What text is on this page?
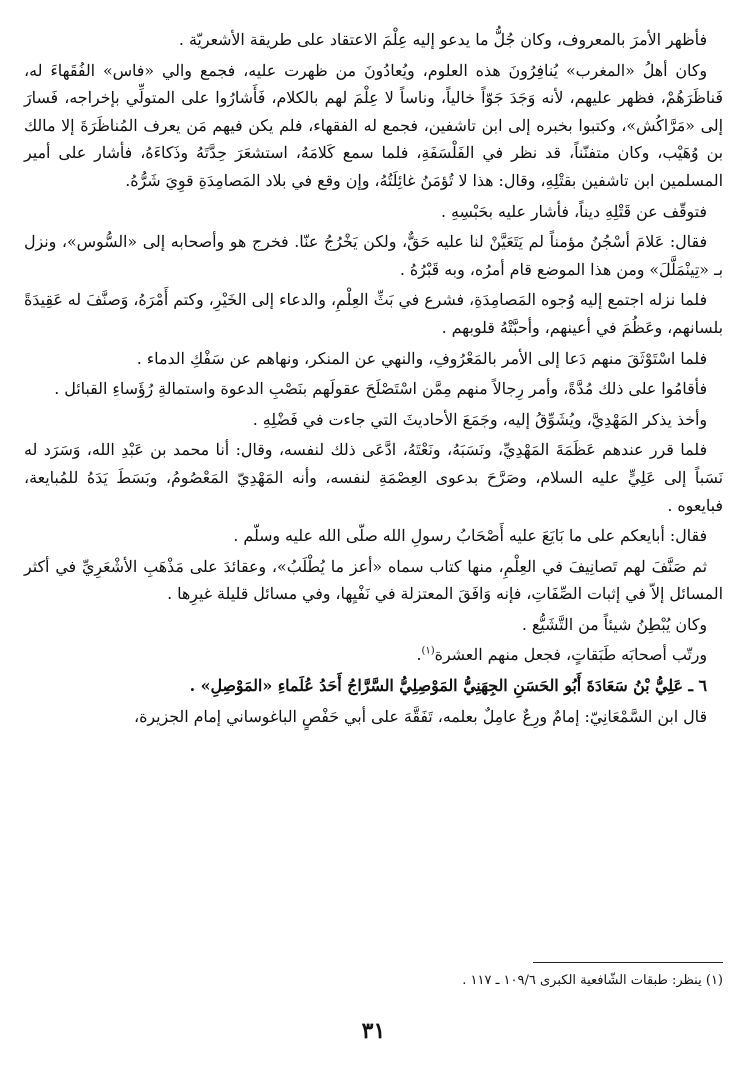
فأظهر الأمرَ بالمعروف، وكان جُلُّ ما يدعو إليه عِلْمَ الاعتقاد على طريقة الأشعريّة .

وكان أهلُ «المغرب» يُنافِرُونَ هذه العلوم، ويُعادُونَ من ظهرت عليه، فجمع والي «فاس» الفُقَهاءَ له، فَناظَرَهُمْ، فظهر عليهم، لأنه وَجَدَ جَوّاً خالياً، وناساً لا عِلْمَ لهم بالكلام، فَأَشارُوا على المتولِّي بإخراجه، فَسارَ إلى «مَرَّاكُش»، وكتبوا بخبره إلى ابن تاشفين، فجمع له الفقهاء، فلم يكن فيهم مَن يعرف المُناظَرَةَ إلا مالك بن وُهَيْب، وكان متفنّناً، قد نظر في الفَلْسَفَةِ، فلما سمع كَلامَهُ، استشعَرَ حِدَّتَهُ وذَكاءَهُ، فأشار على أمير المسلمين ابن تاشفين بقتْلِهِ، وقال: هذا لا تُؤمَنُ غائِلَتُهُ، وإن وقع في بلاد المَصامِدَةِ قوِيَ شَرُّهُ.

فتوقّف عن قَتْلِهِ ديناً، فأشار عليه بحَبْسِهِ .

فقال: عَلامَ أسْجُنُ مؤمناً لم يَتَعَيَّنْ لنا عليه حَقٌّ، ولكن يَخْرُجُ عنّا. فخرج هو وأصحابه إلى «السُّوس»، ونزل بـ «تِينْمَلَّلَ» ومن هذا الموضع قام أمرُه، وبه قَبْرُهُ .

فلما نزله اجتمع إليه وُجوه المَصامِدَةِ، فشرع في بَثِّ العِلْمِ، والدعاء إلى الخَيْرِ، وكتم أَمْرَهُ، وَصنَّفَ له عَقِيدَةً بلسانهم، وعَظُمَ في أعينهم، وأحبَّتْهُ قلوبهم .

فلما اسْتَوْثَقَ منهم دَعا إلى الأمر بالمَعْرُوفِ، والنهي عن المنكر، ونهاهم عن سَفْكِ الدماء .

فأقامُوا على ذلك مُدَّةً، وأمر رِجالاً منهم مِمَّن اسْتَصْلَحَ عقولَهم بنَصْبِ الدعوة واستمالةِ رُؤَساءِ القبائل .

وأخذ يذكر المَهْدِيَّ، ويُشَوِّقُ إليه، وجَمَعَ الأحاديثَ التي جاءت في فَضْلِهِ .

فلما قرر عندهم عَظَمَةَ المَهْدِيِّ، ونَسَبَهُ، ونَعْتَهُ، ادَّعَى ذلك لنفسه، وقال: أنا محمد بن عَبْدِ الله، وَسَرَد له نَسَباً إلى عَلِيٍّ عليه السلام، وصَرَّحَ بدعوى العِصْمَةِ لنفسه، وأنه المَهْدِيّ المَعْصُومُ، وبَسَطَ يَدَهُ للمُبايعة، فبايعوه .

فقال: أبايعكم على ما بَايَعَ عليه أَصْحَابُ رسولِ الله صلّى الله عليه وسلّم .

ثم صَنَّفَ لهم تَصانِيفَ في العِلْمِ، منها كتاب سماه «أعز ما يُطْلَبُ»، وعقائدَ على مَذْهَبِ الأشْعَرِيِّ في أكثر المسائل إلاّ في إثبات الصِّفَاتِ، فإنه وَافَقَ المعتزلة في نَفْيِها، وفي مسائل قليلة غيرِها .

وكان يُبْطِنُ شيئاً من التَّشَيُّع .

ورتّب أصحابَه طَبَقاتٍ، فجعل منهم العشرة$^{(١)}$.

٦ ـ عَلِيُّ بْنُ سَعَادَةَ أَبُو الحَسَنِ الجِهَنِيُّ المَوْصِلِيُّ السَّرَّاجُ أَحَدُ عُلَماءِ «المَوْصِلِ» .

قال ابن السَّمْعَانِيّ: إمامٌ ورِعٌ عامِلٌ بعلمه، تَفَقَّهَ على أبي حَفْصٍ الباغوساني إمام الجزيرة،

(١) ينظر: طبقات الشّافعية الكبرى ١٠٩/٦ ـ ١١٧ .
٣١
